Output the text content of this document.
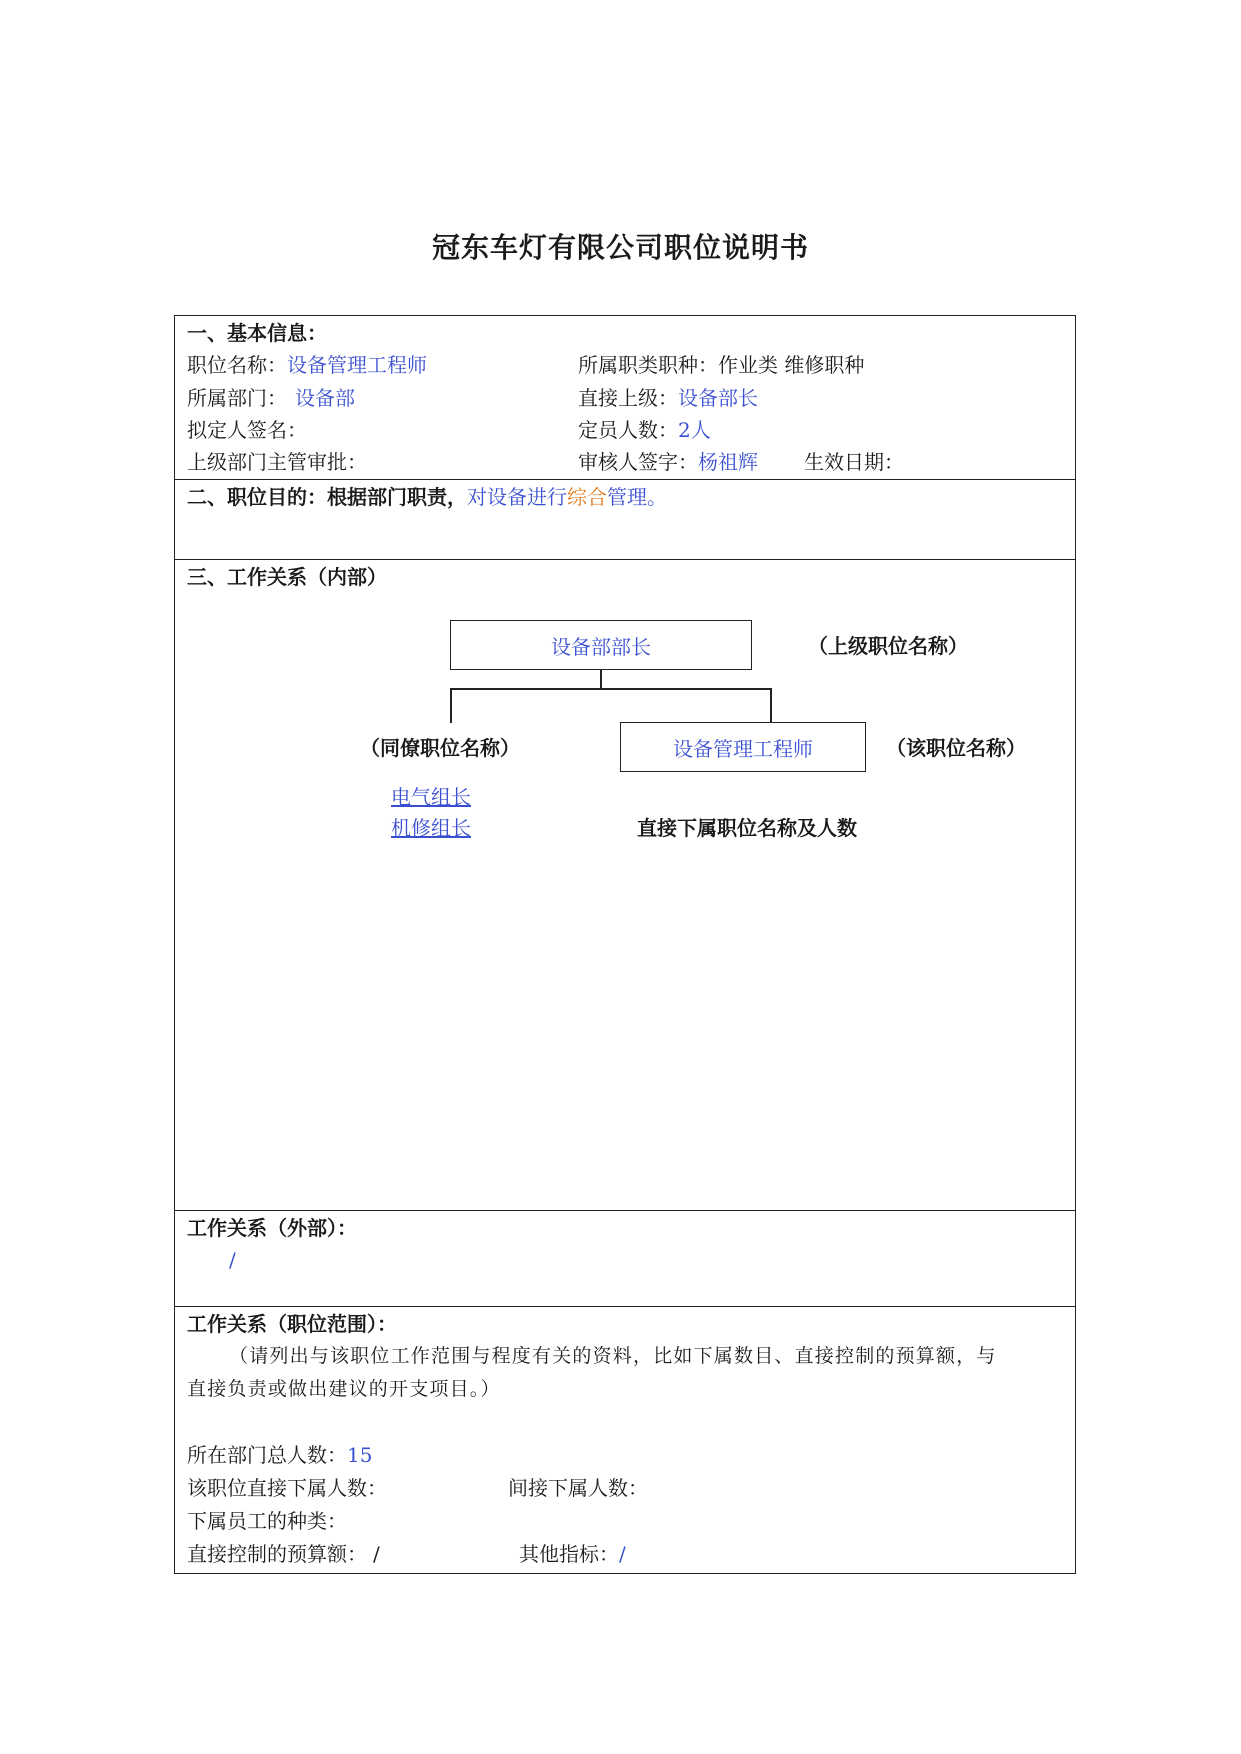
冠东车灯有限公司职位说明书
一、基本信息：
职位名称：设备管理工程师	所属职类职种：作业类 维修职种
所属部门： 设备部	直接上级：设备部长
拟定人签名：	定员人数：2人
上级部门主管审批：	审核人签字：杨祖辉 生效日期：
二、职位目的：根据部门职责，对设备进行综合管理。
三、工作关系（内部）
设备部部长	（上级职位名称）
（同僚职位名称）	设备管理工程师	（该职位名称）
电气组长
机修组长	直接下属职位名称及人数
工作关系（外部）：
/
工作关系（职位范围）：
（请列出与该职位工作范围与程度有关的资料，比如下属数目、直接控制的预算额，与
直接负责或做出建议的开支项目。）
所在部门总人数：15
该职位直接下属人数：	间接下属人数：
下属员工的种类：
直接控制的预算额： /	其他指标：/
